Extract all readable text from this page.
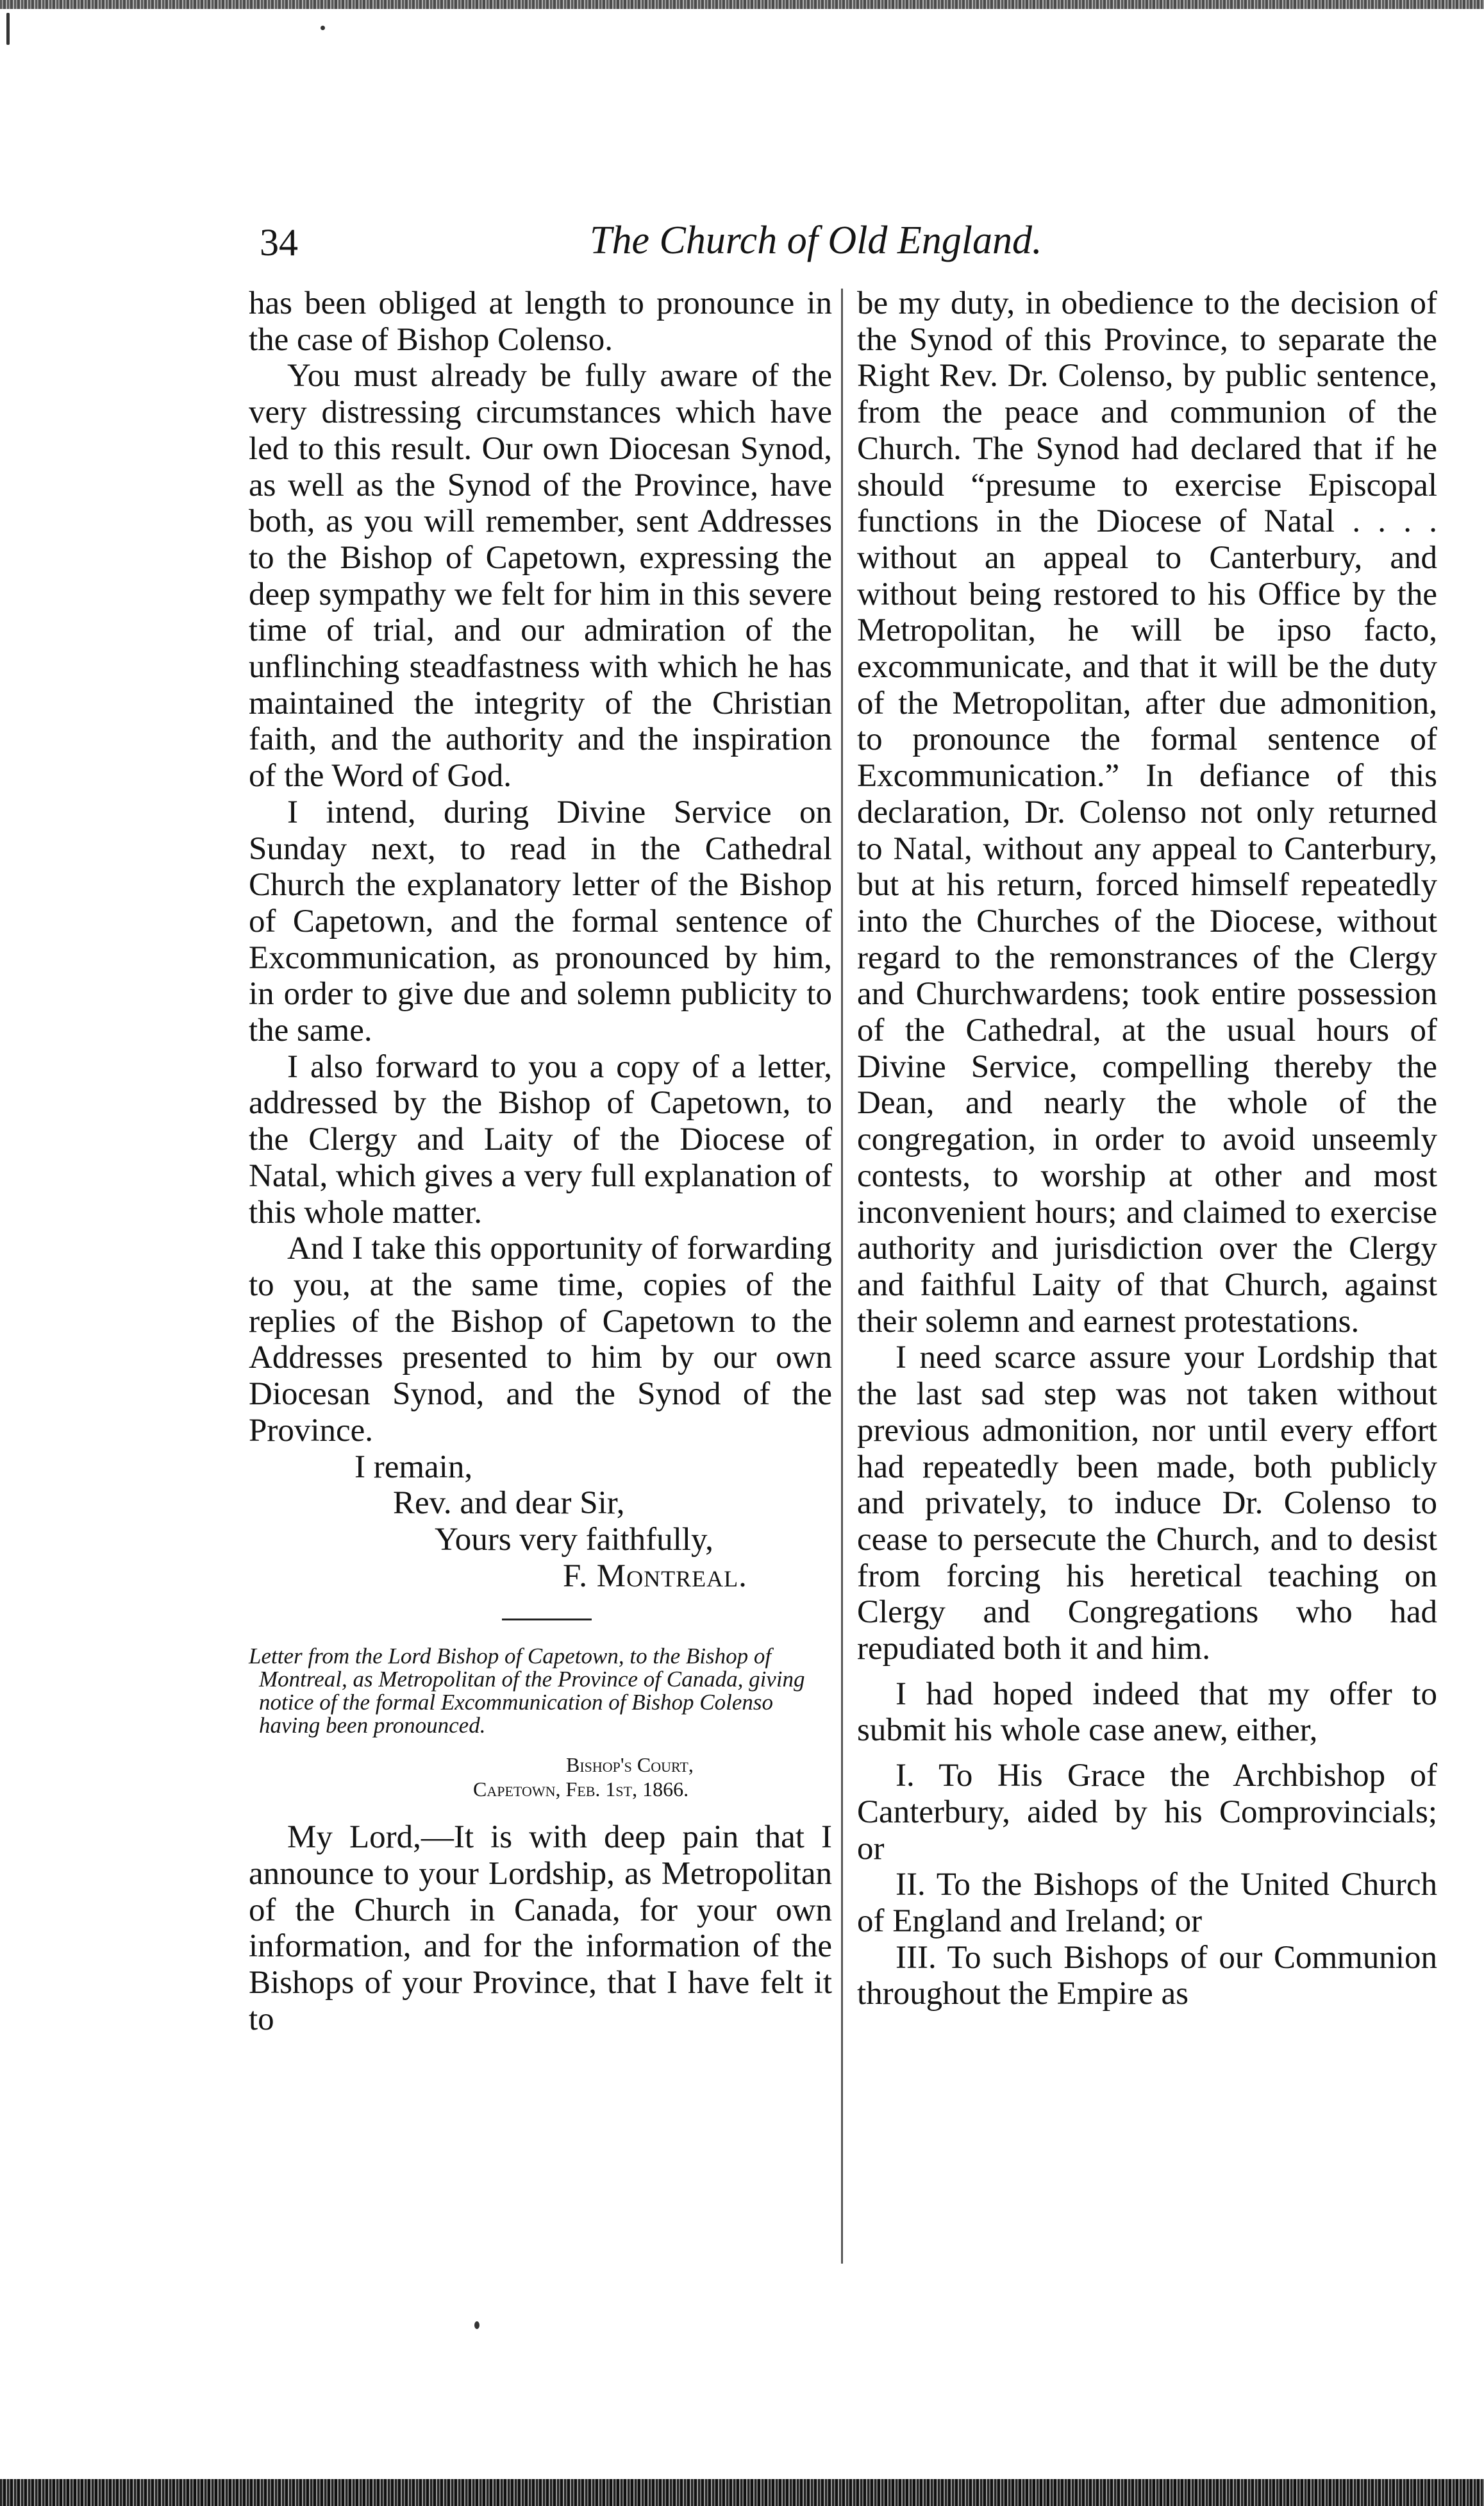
34	The Church of Old England.

has been obliged at length to pronounce in the case of Bishop Colenso.

You must already be fully aware of the very distressing circumstances which have led to this result. Our own Diocesan Synod, as well as the Synod of the Province, have both, as you will remember, sent Addresses to the Bishop of Capetown, expressing the deep sympathy we felt for him in this severe time of trial, and our admiration of the unflinching steadfastness with which he has maintained the integrity of the Christian faith, and the authority and the inspiration of the Word of God.

I intend, during Divine Service on Sunday next, to read in the Cathedral Church the explanatory letter of the Bishop of Capetown, and the formal sentence of Excommunication, as pronounced by him, in order to give due and solemn publicity to the same.

I also forward to you a copy of a letter, addressed by the Bishop of Capetown, to the Clergy and Laity of the Diocese of Natal, which gives a very full explanation of this whole matter.

And I take this opportunity of forwarding to you, at the same time, copies of the replies of the Bishop of Capetown to the Addresses presented to him by our own Diocesan Synod, and the Synod of the Province.

I remain,
Rev. and dear Sir,
Yours very faithfully,
F. Montreal.

Letter from the Lord Bishop of Capetown, to the Bishop of Montreal, as Metropolitan of the Province of Canada, giving notice of the formal Excommunication of Bishop Colenso having been pronounced.

Bishop's Court,
Capetown, Feb. 1st, 1866.

My Lord,—It is with deep pain that I announce to your Lordship, as Metropolitan of the Church in Canada, for your own information, and for the information of the Bishops of your Province, that I have felt it to

be my duty, in obedience to the decision of the Synod of this Province, to separate the Right Rev. Dr. Colenso, by public sentence, from the peace and communion of the Church. The Synod had declared that if he should “presume to exercise Episcopal functions in the Diocese of Natal . . . . without an appeal to Canterbury, and without being restored to his Office by the Metropolitan, he will be ipso facto, excommunicate, and that it will be the duty of the Metropolitan, after due admonition, to pronounce the formal sentence of Excommunication.” In defiance of this declaration, Dr. Colenso not only returned to Natal, without any appeal to Canterbury, but at his return, forced himself repeatedly into the Churches of the Diocese, without regard to the remonstrances of the Clergy and Churchwardens; took entire possession of the Cathedral, at the usual hours of Divine Service, compelling thereby the Dean, and nearly the whole of the congregation, in order to avoid unseemly contests, to worship at other and most inconvenient hours; and claimed to exercise authority and jurisdiction over the Clergy and faithful Laity of that Church, against their solemn and earnest protestations.

I need scarce assure your Lordship that the last sad step was not taken without previous admonition, nor until every effort had repeatedly been made, both publicly and privately, to induce Dr. Colenso to cease to persecute the Church, and to desist from forcing his heretical teaching on Clergy and Congregations who had repudiated both it and him.

I had hoped indeed that my offer to submit his whole case anew, either,

I. To His Grace the Archbishop of Canterbury, aided by his Comprovincials; or

II. To the Bishops of the United Church of England and Ireland; or

III. To such Bishops of our Communion throughout the Empire as
